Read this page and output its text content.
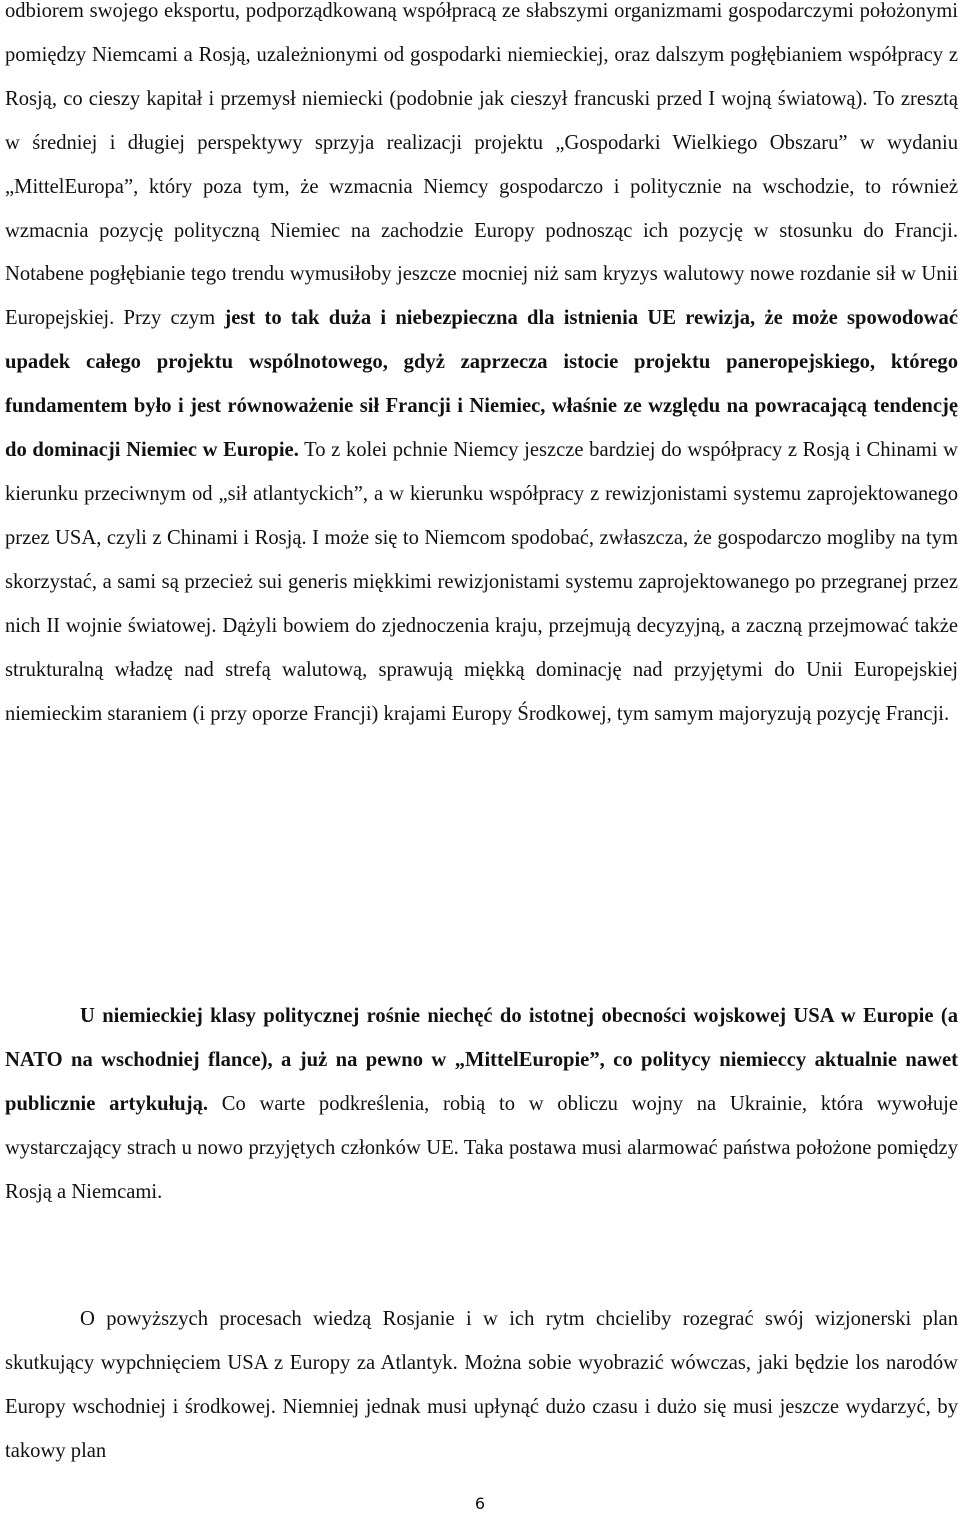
odbiorem swojego eksportu, podporządkowaną współpracą ze słabszymi organizmami gospodarczymi położonymi pomiędzy Niemcami a Rosją, uzależnionymi od gospodarki niemieckiej, oraz dalszym pogłębianiem współpracy z Rosją, co cieszy kapitał i przemysł niemiecki (podobnie jak cieszył francuski przed I wojną światową). To zresztą w średniej i długiej perspektywy sprzyja realizacji projektu „Gospodarki Wielkiego Obszaru” w wydaniu „MittelEuropa”, który poza tym, że wzmacnia Niemcy gospodarczo i politycznie na wschodzie, to również wzmacnia pozycję polityczną Niemiec na zachodzie Europy podnosząc ich pozycję w stosunku do Francji. Notabene pogłębianie tego trendu wymusiłoby jeszcze mocniej niż sam kryzys walutowy nowe rozdanie sił w Unii Europejskiej. Przy czym jest to tak duża i niebezpieczna dla istnienia UE rewizja, że może spowodować upadek całego projektu wspólnotowego, gdyż zaprzecza istocie projektu paneropejskiego, którego fundamentem było i jest równoważenie sił Francji i Niemiec, właśnie ze względu na powracającą tendencję do dominacji Niemiec w Europie. To z kolei pchnie Niemcy jeszcze bardziej do współpracy z Rosją i Chinami w kierunku przeciwnym od „sił atlantyckich”, a w kierunku współpracy z rewizjonistami systemu zaprojektowanego przez USA, czyli z Chinami i Rosją. I może się to Niemcom spodobać, zwłaszcza, że gospodarczo mogliby na tym skorzystać, a sami są przecież sui generis miękkimi rewizjonistami systemu zaprojektowanego po przegranej przez nich II wojnie światowej. Dążyli bowiem do zjednoczenia kraju, przejmują decyzyjną, a zaczną przejmować także strukturalną władzę nad strefą walutową, sprawują miękką dominację nad przyjętymi do Unii Europejskiej niemieckim staraniem (i przy oporze Francji) krajami Europy Środkowej, tym samym majoryzują pozycję Francji.

U niemieckiej klasy politycznej rośnie niechęć do istotnej obecności wojskowej USA w Europie (a NATO na wschodniej flance), a już na pewno w „MittelEuropie”, co politycy niemieccy aktualnie nawet publicznie artykułują. Co warte podkreślenia, robią to w obliczu wojny na Ukrainie, która wywołuje wystarczający strach u nowo przyjętych członków UE. Taka postawa musi alarmować państwa położone pomiędzy Rosją a Niemcami.

O powyższych procesach wiedzą Rosjanie i w ich rytm chcieliby rozegrać swój wizjonerski plan skutkujący wypchnięciem USA z Europy za Atlantyk. Można sobie wyobrazić wówczas, jaki będzie los narodów Europy wschodniej i środkowej. Niemniej jednak musi upłynąć dużo czasu i dużo się musi jeszcze wydarzyć, by takowy plan

6
